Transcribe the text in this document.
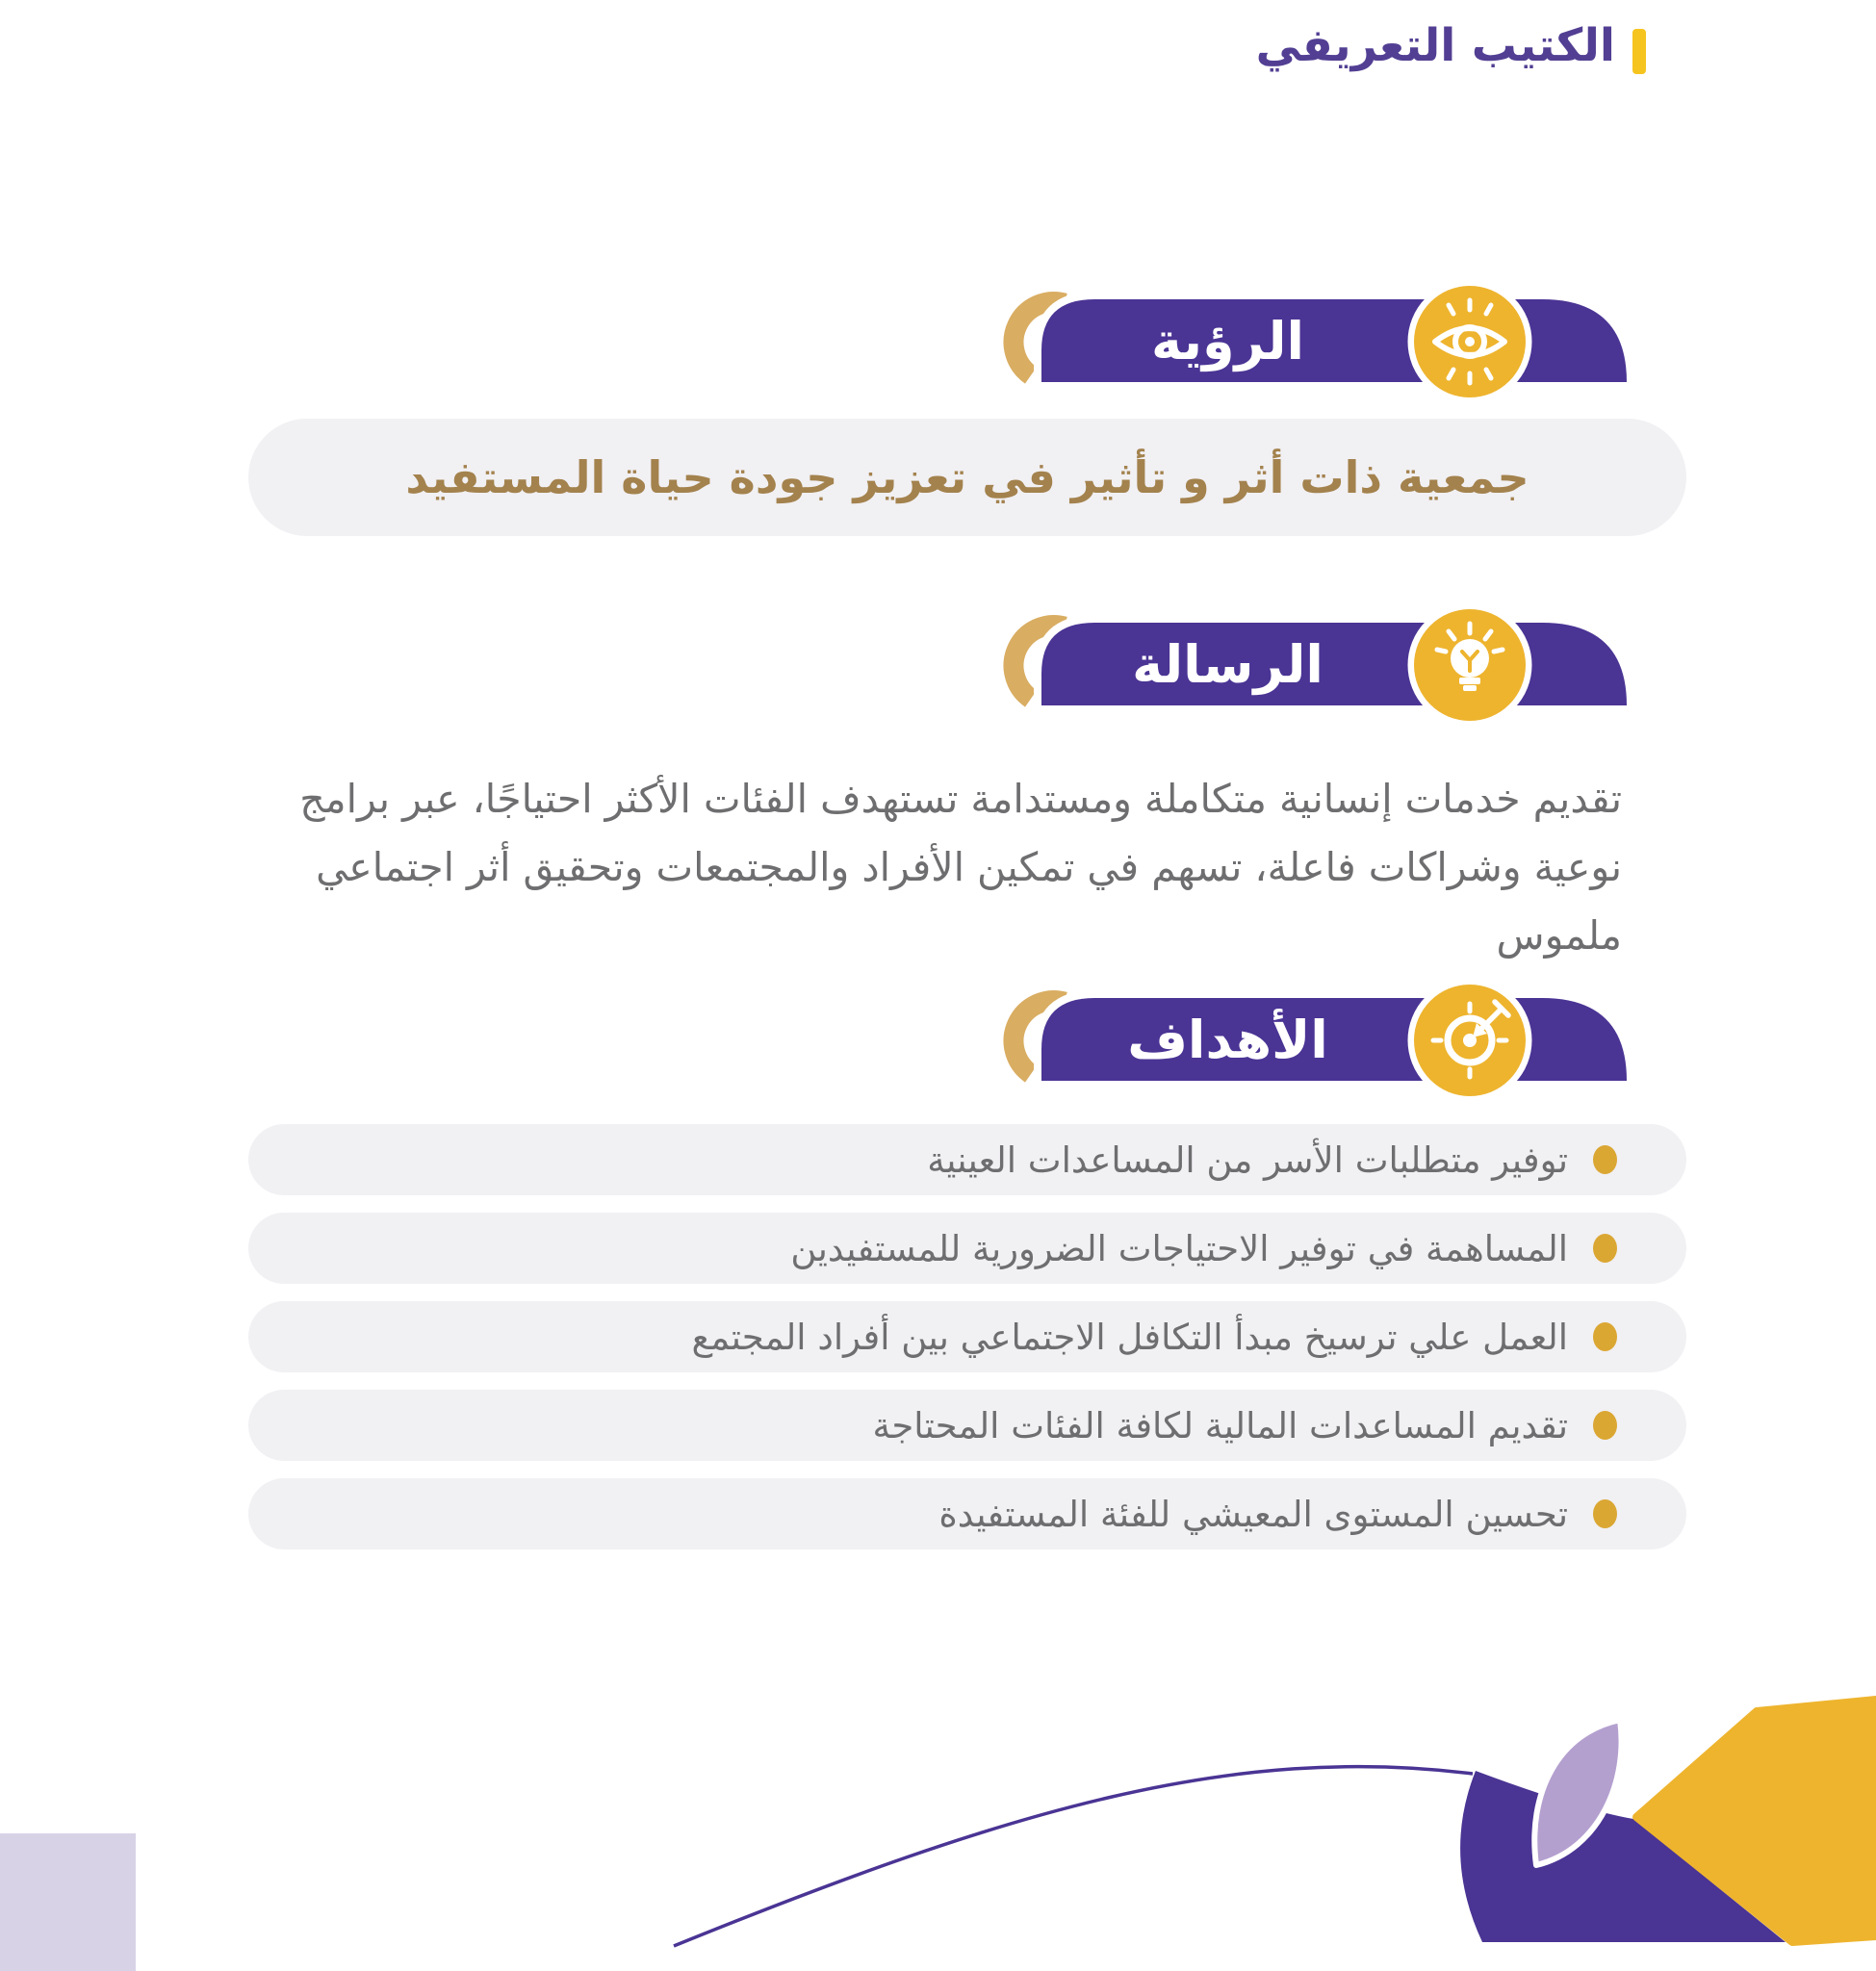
الكتيب التعريفي
الرؤية
جمعية ذات أثر و تأثير في تعزيز جودة حياة المستفيد
الرسالة
تقديم خدمات إنسانية متكاملة ومستدامة تستهدف الفئات الأكثر احتياجًا، عبر برامج
نوعية وشراكات فاعلة، تسهم في تمكين الأفراد والمجتمعات وتحقيق أثر اجتماعي
ملموس
الأهداف
توفير متطلبات الأسر من المساعدات العينية
المساهمة في توفير الاحتياجات الضرورية للمستفيدين
العمل علي ترسيخ مبدأ التكافل الاجتماعي بين أفراد المجتمع
تقديم المساعدات المالية لكافة الفئات المحتاجة
تحسين المستوى المعيشي للفئة المستفيدة
